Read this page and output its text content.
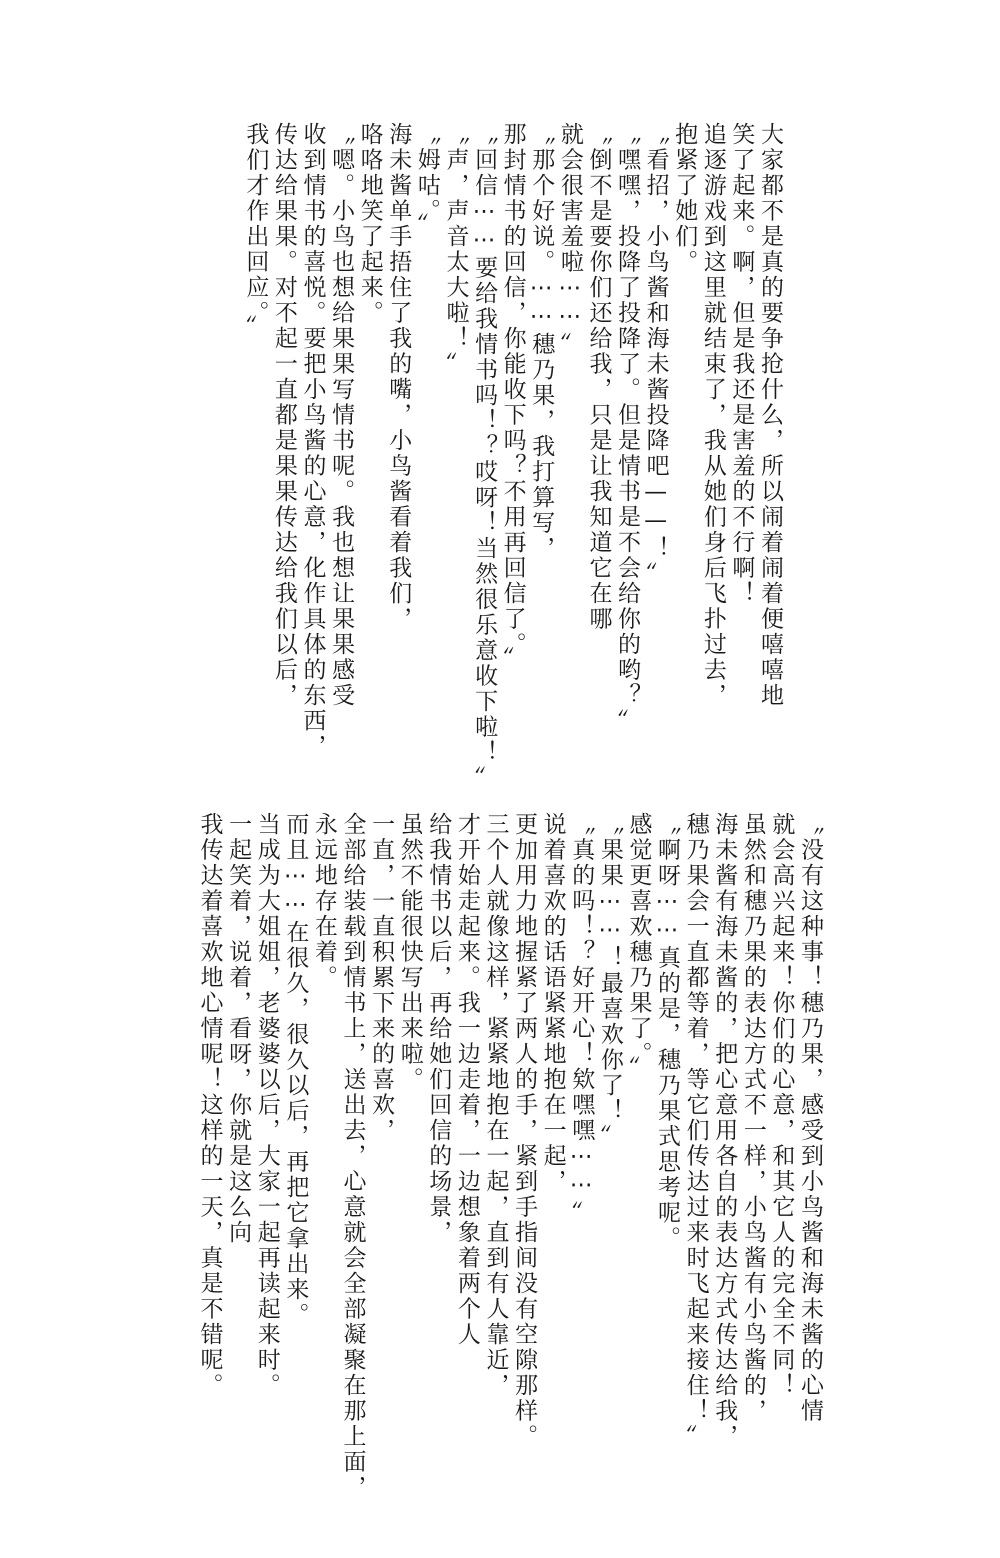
大家都不是真的要争抢什么，所以闹着闹着便嘻嘻地
笑了起来。啊，但是我还是害羞的不行啊！
追逐游戏到这里就结束了，我从她们身后飞扑过去，
抱紧了她们。
〝看招，小鸟酱和海未酱投降吧——！〞
〝嘿嘿，投降了投降了。但是情书是不会给你的哟？〞
〝倒不是要你们还给我，只是让我知道它在哪
就会很害羞啦⋯⋯〞
〝那个好说。⋯⋯穗乃果，我打算写，
那封情书的回信，你能收下吗？不用再回信了。〞
〝回信⋯⋯要给我情书吗！？哎呀！当然很乐意收下啦！〞
〝声，声音太大啦！〞
〝姆咕。〞
海未酱单手捂住了我的嘴，小鸟酱看着我们，
咯咯地笑了起来。
〝嗯。小鸟也想给果果写情书呢。我也想让果果感受
收到情书的喜悦。要把小鸟酱的心意，化作具体的东西，
传达给果果。对不起一直都是果果传达给我们以后，
我们才作出回应。〞
〝没有这种事！穗乃果，感受到小鸟酱和海未酱的心情
就会高兴起来！你们的心意，和其它人的完全不同！
虽然和穗乃果的表达方式不一样，小鸟酱有小鸟酱的，
海未酱有海未酱的，把心意用各自的表达方式传达给我，
穗乃果会一直都等着，等它们传达过来时飞起来接住！〞
〝啊呀⋯⋯真的是，穗乃果式思考呢。
感觉更喜欢穗乃果了。〞
〝果果⋯⋯！最喜欢你了！〞
〝真的吗！？好开心！欸嘿嘿⋯⋯〞
说着喜欢的话语紧紧地抱在一起，
更加用力地握紧了两人的手，紧到手指间没有空隙那样。
三个人就像这样，紧紧地抱在一起，直到有人靠近，
才开始走起来。我一边走着，一边想象着两个人
给我情书以后，再给她们回信的场景，
虽然不能很快写出来啦。
一直，一直积累下来的喜欢，
全部给装载到情书上，送出去，心意就会全部凝聚在那上面，
永远地存在着。
而且⋯⋯在很久，很久以后，再把它拿出来。
当成为大姐姐，老婆婆以后，大家一起再读起来时。
一起笑着，说着，看呀，你就是这么向
我传达着喜欢地心情呢！这样的一天，真是不错呢。
